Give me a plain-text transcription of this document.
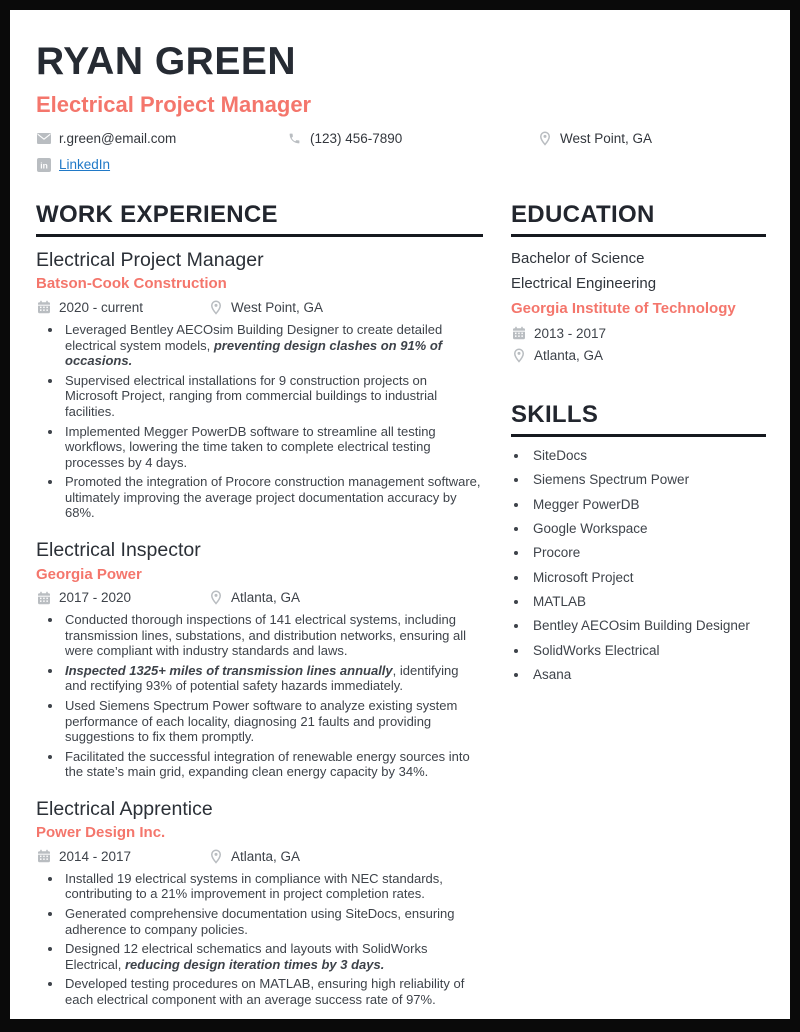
RYAN GREEN
Electrical Project Manager
r.green@email.com	(123) 456-7890	West Point, GA
in LinkedIn
WORK EXPERIENCE
Electrical Project Manager
Batson-Cook Construction
2020 - current	West Point, GA
• Leveraged Bentley AECOsim Building Designer to create detailed electrical system models, preventing design clashes on 91% of occasions.
• Supervised electrical installations for 9 construction projects on Microsoft Project, ranging from commercial buildings to industrial facilities.
• Implemented Megger PowerDB software to streamline all testing workflows, lowering the time taken to complete electrical testing processes by 4 days.
• Promoted the integration of Procore construction management software, ultimately improving the average project documentation accuracy by 68%.
Electrical Inspector
Georgia Power
2017 - 2020	Atlanta, GA
• Conducted thorough inspections of 141 electrical systems, including transmission lines, substations, and distribution networks, ensuring all were compliant with industry standards and laws.
• Inspected 1325+ miles of transmission lines annually, identifying and rectifying 93% of potential safety hazards immediately.
• Used Siemens Spectrum Power software to analyze existing system performance of each locality, diagnosing 21 faults and providing suggestions to fix them promptly.
• Facilitated the successful integration of renewable energy sources into the state’s main grid, expanding clean energy capacity by 34%.
Electrical Apprentice
Power Design Inc.
2014 - 2017	Atlanta, GA
• Installed 19 electrical systems in compliance with NEC standards, contributing to a 21% improvement in project completion rates.
• Generated comprehensive documentation using SiteDocs, ensuring adherence to company policies.
• Designed 12 electrical schematics and layouts with SolidWorks Electrical, reducing design iteration times by 3 days.
• Developed testing procedures on MATLAB, ensuring high reliability of each electrical component with an average success rate of 97%.
EDUCATION
Bachelor of Science
Electrical Engineering
Georgia Institute of Technology
2013 - 2017
Atlanta, GA
SKILLS
• SiteDocs
• Siemens Spectrum Power
• Megger PowerDB
• Google Workspace
• Procore
• Microsoft Project
• MATLAB
• Bentley AECOsim Building Designer
• SolidWorks Electrical
• Asana
